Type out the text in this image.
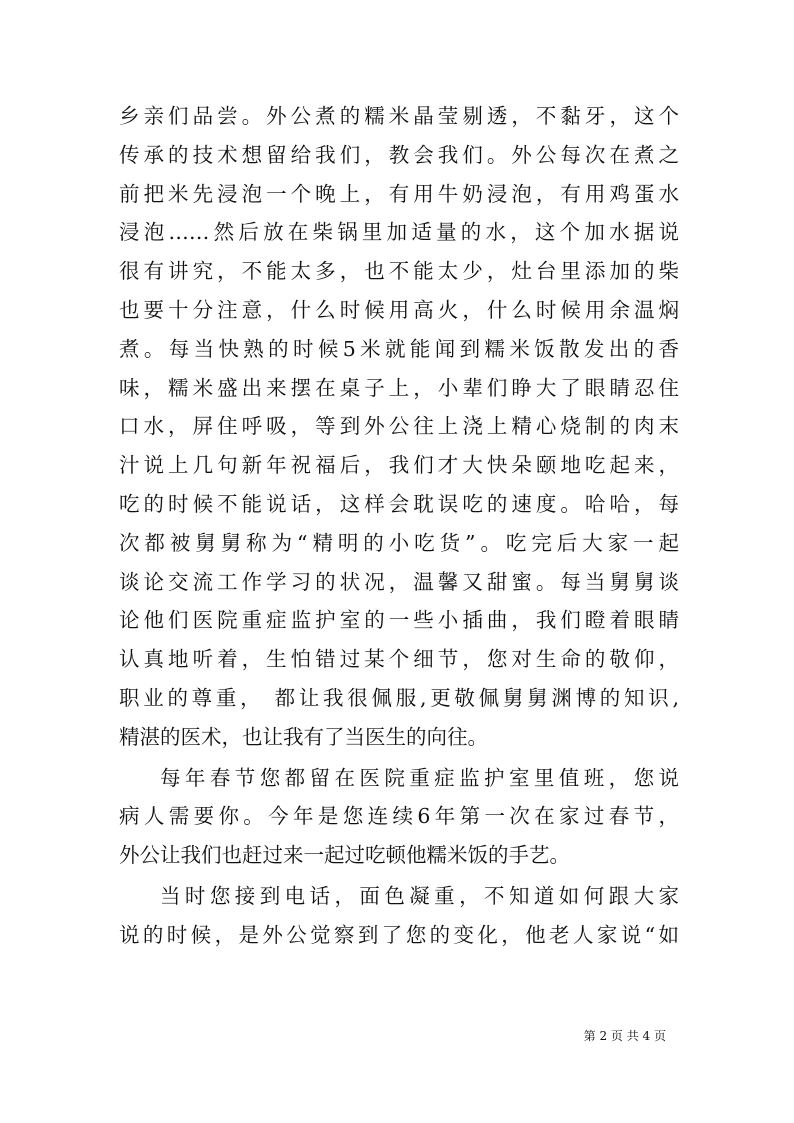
乡亲们品尝。外公煮的糯米晶莹剔透，不黏牙，这个
传承的技术想留给我们，教会我们。外公每次在煮之
前把米先浸泡一个晚上，有用牛奶浸泡，有用鸡蛋水
浸泡……然后放在柴锅里加适量的水，这个加水据说
很有讲究，不能太多，也不能太少，灶台里添加的柴
也要十分注意，什么时候用高火，什么时候用余温焖
煮。每当快熟的时候5米就能闻到糯米饭散发出的香
味，糯米盛出来摆在桌子上，小辈们睁大了眼睛忍住
口水，屏住呼吸，等到外公往上浇上精心烧制的肉末
汁说上几句新年祝福后，我们才大快朵颐地吃起来，
吃的时候不能说话，这样会耽误吃的速度。哈哈，每
次都被舅舅称为“精明的小吃货”。吃完后大家一起
谈论交流工作学习的状况，温馨又甜蜜。每当舅舅谈
论他们医院重症监护室的一些小插曲，我们瞪着眼睛
认真地听着，生怕错过某个细节，您对生命的敬仰，
职业的尊重， 都让我很佩服,更敬佩舅舅渊博的知识,
精湛的医术，也让我有了当医生的向往。
每年春节您都留在医院重症监护室里值班，您说
病人需要你。今年是您连续6年第一次在家过春节，
外公让我们也赶过来一起过吃顿他糯米饭的手艺。
当时您接到电话，面色凝重，不知道如何跟大家
说的时候，是外公觉察到了您的变化，他老人家说“如
第 2 页 共 4 页
